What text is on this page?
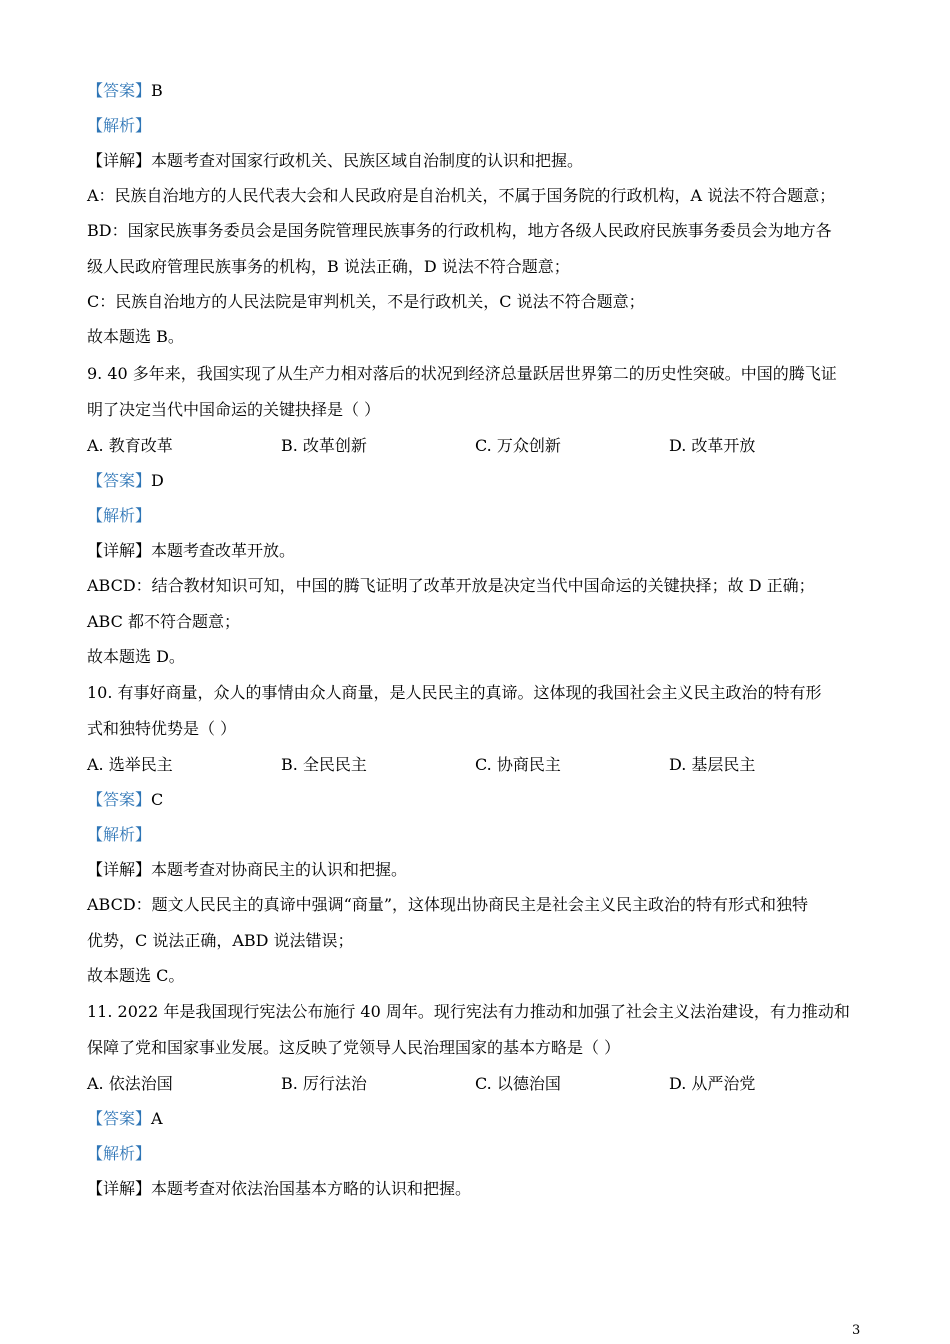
【答案】B
【解析】
【详解】本题考查对国家行政机关、民族区域自治制度的认识和把握。
A：民族自治地方的人民代表大会和人民政府是自治机关，不属于国务院的行政机构，A 说法不符合题意；
BD：国家民族事务委员会是国务院管理民族事务的行政机构，地方各级人民政府民族事务委员会为地方各
级人民政府管理民族事务的机构，B 说法正确，D 说法不符合题意；
C：民族自治地方的人民法院是审判机关，不是行政机关，C 说法不符合题意；
故本题选 B。
9. 40 多年来，我国实现了从生产力相对落后的状况到经济总量跃居世界第二的历史性突破。中国的腾飞证
明了决定当代中国命运的关键抉择是（ ）
A. 教育改革	B. 改革创新	C. 万众创新	D. 改革开放
【答案】D
【解析】
【详解】本题考查改革开放。
ABCD：结合教材知识可知，中国的腾飞证明了改革开放是决定当代中国命运的关键抉择；故 D 正确；
ABC 都不符合题意；
故本题选 D。
10. 有事好商量，众人的事情由众人商量，是人民民主的真谛。这体现的我国社会主义民主政治的特有形
式和独特优势是（ ）
A. 选举民主	B. 全民民主	C. 协商民主	D. 基层民主
【答案】C
【解析】
【详解】本题考查对协商民主的认识和把握。
ABCD：题文人民民主的真谛中强调“商量”，这体现出协商民主是社会主义民主政治的特有形式和独特
优势，C 说法正确，ABD 说法错误；
故本题选 C。
11. 2022 年是我国现行宪法公布施行 40 周年。现行宪法有力推动和加强了社会主义法治建设，有力推动和
保障了党和国家事业发展。这反映了党领导人民治理国家的基本方略是（ ）
A. 依法治国	B. 厉行法治	C. 以德治国	D. 从严治党
【答案】A
【解析】
【详解】本题考查对依法治国基本方略的认识和把握。
3
